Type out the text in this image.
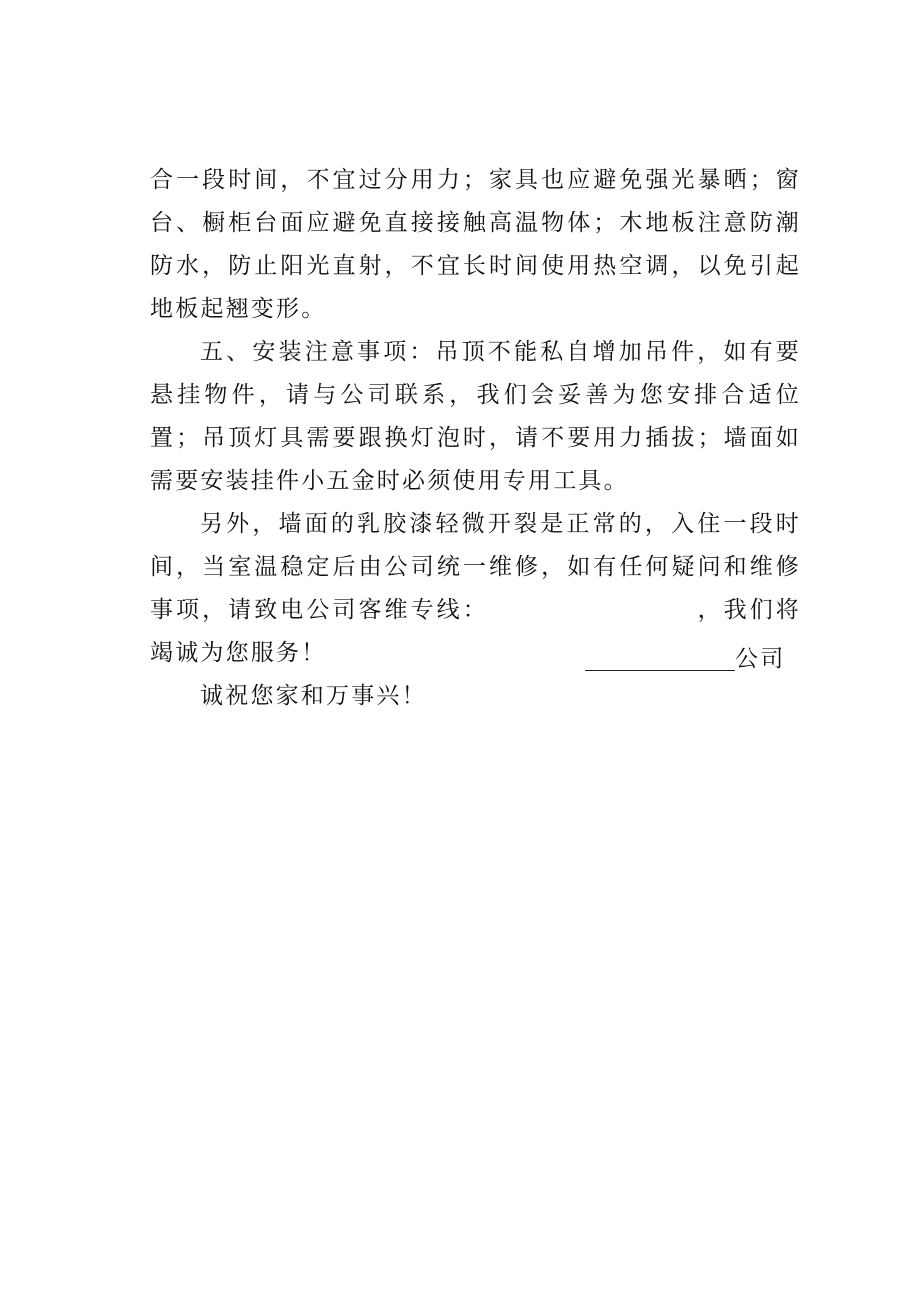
合一段时间，不宜过分用力；家具也应避免强光暴晒；窗台、橱柜台面应避免直接接触高温物体；木地板注意防潮防水，防止阳光直射，不宜长时间使用热空调，以免引起地板起翘变形。

五、安装注意事项：吊顶不能私自增加吊件，如有要悬挂物件，请与公司联系，我们会妥善为您安排合适位置；吊顶灯具需要跟换灯泡时，请不要用力插拔；墙面如需要安装挂件小五金时必须使用专用工具。

另外，墙面的乳胶漆轻微开裂是正常的，入住一段时间，当室温稳定后由公司统一维修，如有任何疑问和维修事项，请致电公司客维专线：	，我们将竭诚为您服务！

诚祝您家和万事兴！

公司
